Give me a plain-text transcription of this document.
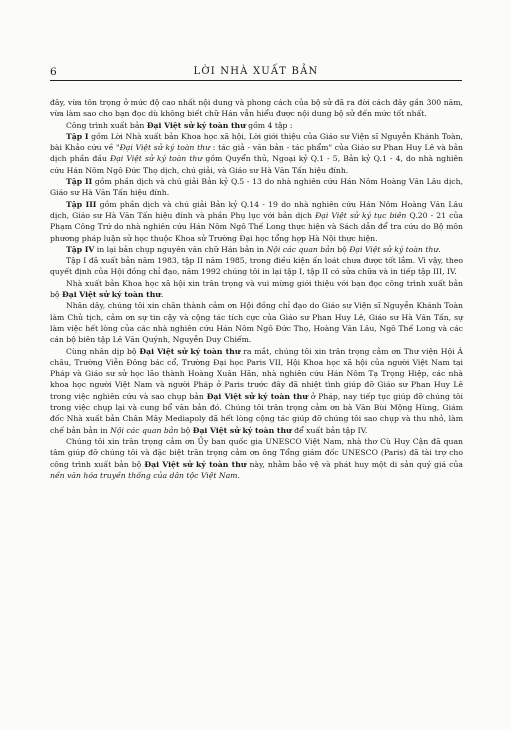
6	LỜI NHÀ XUẤT BẢN

đây, vừa tôn trọng ở mức độ cao nhất nội dung và phong cách của bộ sử đã ra đời cách đây gần 300 năm, vừa làm sao cho bạn đọc dù không biết chữ Hán vẫn hiểu được nội dung bộ sử đến mức tốt nhất.

Công trình xuất bản Đại Việt sử ký toàn thư gồm 4 tập :

Tập I gồm Lời Nhà xuất bản Khoa học xã hội, Lời giới thiệu của Giáo sư Viện sĩ Nguyễn Khánh Toàn, bài Khảo cứu về "Đại Việt sử ký toàn thư : tác giả - văn bản - tác phẩm" của Giáo sư Phan Huy Lê và bản dịch phần đầu Đại Việt sử ký toàn thư gồm Quyển thủ, Ngoại kỷ Q.1 - 5, Bản kỷ Q.1 - 4, do nhà nghiên cứu Hán Nôm Ngô Đức Thọ dịch, chú giải, và Giáo sư Hà Văn Tấn hiệu đính.

Tập II gồm phần dịch và chú giải Bản kỷ Q.5 - 13 do nhà nghiên cứu Hán Nôm Hoàng Văn Lâu dịch, Giáo sư Hà Văn Tấn hiệu đính.

Tập III gồm phần dịch và chú giải Bản kỷ Q.14 - 19 do nhà nghiên cứu Hán Nôm Hoàng Văn Lâu dịch, Giáo sư Hà Văn Tấn hiệu đính và phần Phụ lục với bản dịch Đại Việt sử ký tục biên Q.20 - 21 của Phạm Công Trứ do nhà nghiên cứu Hán Nôm Ngô Thế Long thực hiện và Sách dẫn để tra cứu do Bộ môn phương pháp luận sử học thuộc Khoa sử Trường Đại học tổng hợp Hà Nội thực hiện.

Tập IV in lại bản chụp nguyên văn chữ Hán bản in Nội các quan bản bộ Đại Việt sử ký toàn thư.

Tập I đã xuất bản năm 1983, tập II năm 1985, trong điều kiện ấn loát chưa được tốt lắm. Vì vậy, theo quyết định của Hội đồng chỉ đạo, năm 1992 chúng tôi in lại tập I, tập II có sửa chữa và in tiếp tập III, IV.

Nhà xuất bản Khoa học xã hội xin trân trọng và vui mừng giới thiệu với bạn đọc công trình xuất bản bộ Đại Việt sử ký toàn thư.

Nhân dây, chúng tôi xin chân thành cảm ơn Hội đồng chỉ đạo do Giáo sư Viện sĩ Nguyễn Khánh Toàn làm Chủ tịch, cảm ơn sự tin cậy và cộng tác tích cực của Giáo sư Phan Huy Lê, Giáo sư Hà Văn Tấn, sự làm việc hết lòng của các nhà nghiên cứu Hán Nôm Ngô Đức Thọ, Hoàng Văn Lâu, Ngô Thế Long và các cán bộ biên tập Lê Văn Quýnh, Nguyễn Duy Chiếm.

Cùng nhân dịp bộ Đại Việt sử ký toàn thư ra mắt, chúng tôi xin trân trọng cảm ơn Thư viện Hội Á châu, Trường Viễn Đông bác cổ, Trường Đại học Paris VII, Hội Khoa học xã hội của người Việt Nam tại Pháp và Giáo sư sử học lão thành Hoàng Xuân Hãn, nhà nghiên cứu Hán Nôm Tạ Trọng Hiệp, các nhà khoa học người Việt Nam và người Pháp ở Paris trước đây đã nhiệt tình giúp đỡ Giáo sư Phan Huy Lê trong việc nghiên cứu và sao chụp bản Đại Việt sử ký toàn thư ở Pháp, nay tiếp tục giúp đỡ chúng tôi trong việc chụp lại và cung bổ văn bản đó. Chúng tôi trân trọng cảm ơn bà Văn Bùi Mộng Hùng, Giám đốc Nhà xuất bản Chân Mây Mediapoly đã hết lòng cộng tác giúp đỡ chúng tôi sao chụp và thu nhỏ, làm chế bản bản in Nội các quan bản bộ Đại Việt sử ký toàn thư để xuất bản tập IV.

Chúng tôi xin trân trọng cảm ơn Ủy ban quốc gia UNESCO Việt Nam, nhà thơ Cù Huy Cận đã quan tâm giúp đỡ chúng tôi và đặc biệt trân trọng cảm ơn ông Tổng giám đốc UNESCO (Paris) đã tài trợ cho công trình xuất bản bộ Đại Việt sử ký toàn thư này, nhằm bảo vệ và phát huy một di sản quý giá của nền văn hóa truyền thống của dân tộc Việt Nam.
